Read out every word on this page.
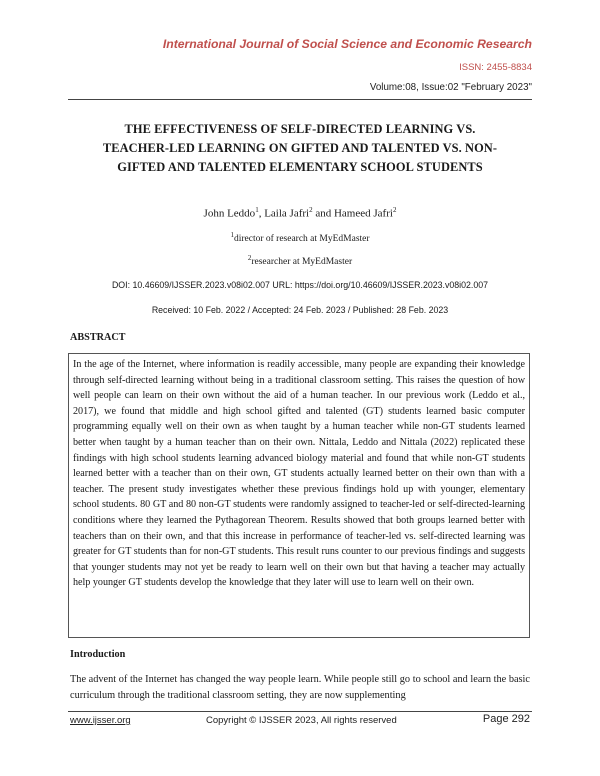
International Journal of Social Science and Economic Research
ISSN: 2455-8834
Volume:08, Issue:02 "February 2023"
THE EFFECTIVENESS OF SELF-DIRECTED LEARNING VS.
TEACHER-LED LEARNING ON GIFTED AND TALENTED VS. NON-
GIFTED AND TALENTED ELEMENTARY SCHOOL STUDENTS
John Leddo$^1$, Laila Jafri$^2$ and Hameed Jafri$^2$
$^1$director of research at MyEdMaster
$^2$researcher at MyEdMaster
DOI: 10.46609/IJSSER.2023.v08i02.007 URL: https://doi.org/10.46609/IJSSER.2023.v08i02.007
Received: 10 Feb. 2022 / Accepted: 24 Feb. 2023 / Published: 28 Feb. 2023
ABSTRACT

In the age of the Internet, where information is readily accessible, many people are expanding their knowledge through self-directed learning without being in a traditional classroom setting. This raises the question of how well people can learn on their own without the aid of a human teacher. In our previous work (Leddo et al., 2017), we found that middle and high school gifted and talented (GT) students learned basic computer programming equally well on their own as when taught by a human teacher while non-GT students learned better when taught by a human teacher than on their own. Nittala, Leddo and Nittala (2022) replicated these findings with high school students learning advanced biology material and found that while non-GT students learned better with a teacher than on their own, GT students actually learned better on their own than with a teacher. The present study investigates whether these previous findings hold up with younger, elementary school students. 80 GT and 80 non-GT students were randomly assigned to teacher-led or self-directed-learning conditions where they learned the Pythagorean Theorem. Results showed that both groups learned better with teachers than on their own, and that this increase in performance of teacher-led vs. self-directed learning was greater for GT students than for non-GT students. This result runs counter to our previous findings and suggests that younger students may not yet be ready to learn well on their own but that having a teacher may actually help younger GT students develop the knowledge that they later will use to learn well on their own.

Introduction

The advent of the Internet has changed the way people learn. While people still go to school and learn the basic curriculum through the traditional classroom setting, they are now supplementing

www.ijsser.org	Copyright © IJSSER 2023, All rights reserved	Page 292
